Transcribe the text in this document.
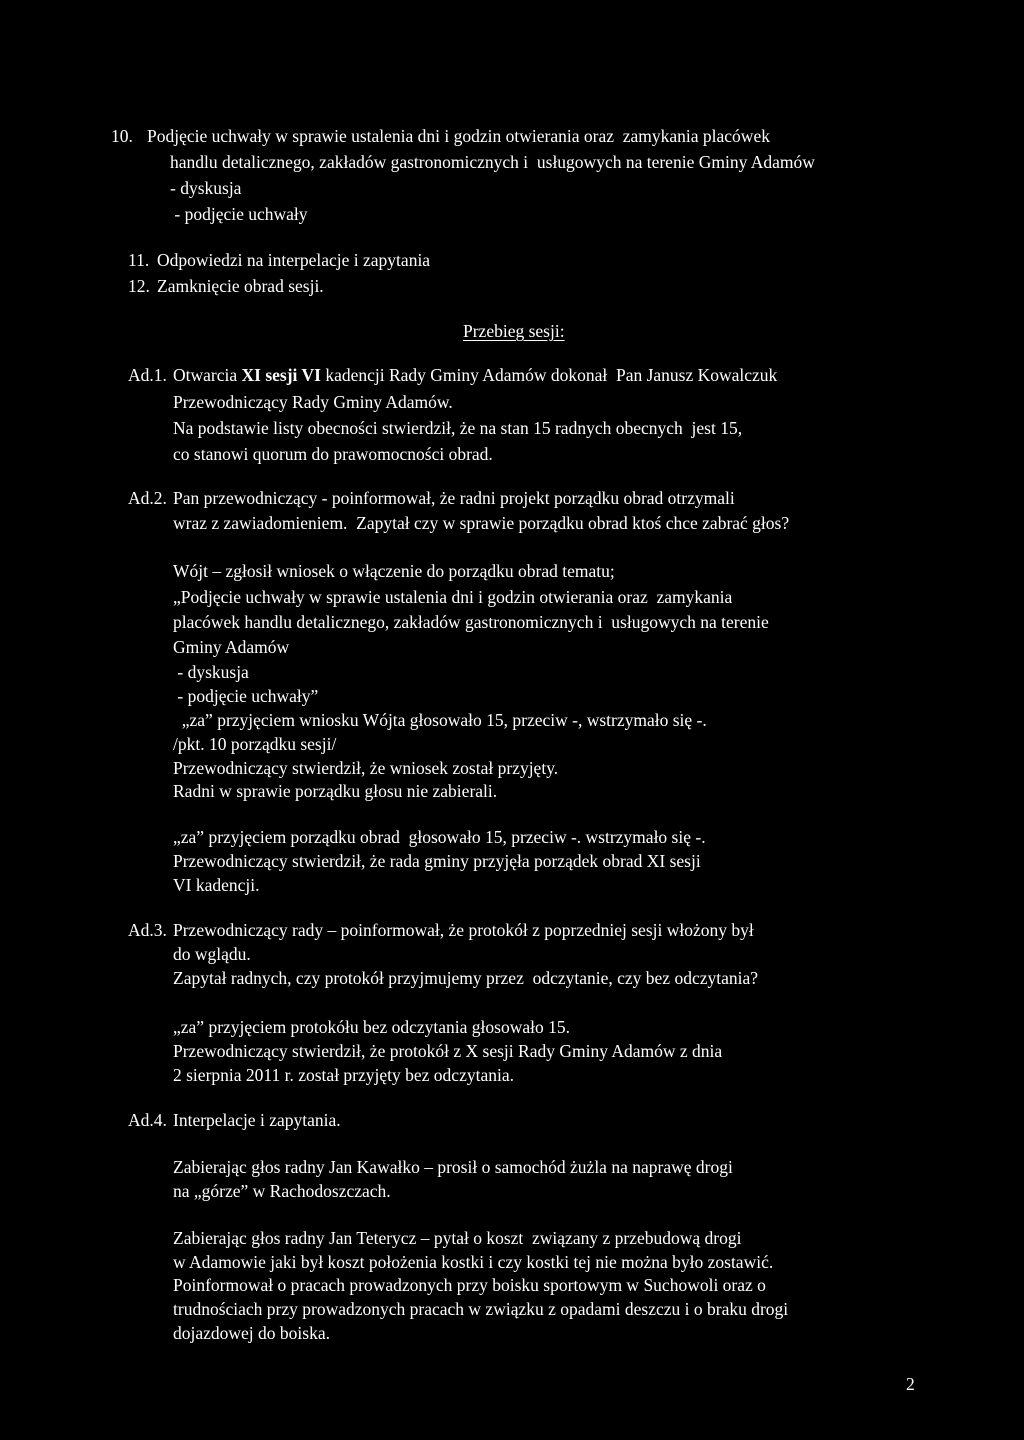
10. Podjęcie uchwały w sprawie ustalenia dni i godzin otwierania oraz  zamykania placówek
handlu detalicznego, zakładów gastronomicznych i  usługowych na terenie Gminy Adamów
- dyskusja
- podjęcie uchwały
11. Odpowiedzi na interpelacje i zapytania
12. Zamknięcie obrad sesji.
Przebieg sesji:
Ad.1. Otwarcia XI sesji VI kadencji Rady Gminy Adamów dokonał  Pan Janusz Kowalczuk
Przewodniczący Rady Gminy Adamów.
Na podstawie listy obecności stwierdził, że na stan 15 radnych obecnych  jest 15,
co stanowi quorum do prawomocności obrad.
Ad.2. Pan przewodniczący - poinformował, że radni projekt porządku obrad otrzymali
wraz z zawiadomieniem.  Zapytał czy w sprawie porządku obrad ktoś chce zabrać głos?
Wójt – zgłosił wniosek o włączenie do porządku obrad tematu;
„Podjęcie uchwały w sprawie ustalenia dni i godzin otwierania oraz  zamykania
placówek handlu detalicznego, zakładów gastronomicznych i  usługowych na terenie
Gminy Adamów
- dyskusja
- podjęcie uchwały”
„za” przyjęciem wniosku Wójta głosowało 15, przeciw -, wstrzymało się -.
/pkt. 10 porządku sesji/
Przewodniczący stwierdził, że wniosek został przyjęty.
Radni w sprawie porządku głosu nie zabierali.
„za” przyjęciem porządku obrad  głosowało 15, przeciw -. wstrzymało się -.
Przewodniczący stwierdził, że rada gminy przyjęła porządek obrad XI sesji
VI kadencji.
Ad.3. Przewodniczący rady – poinformował, że protokół z poprzedniej sesji włożony był
do wglądu.
Zapytał radnych, czy protokół przyjmujemy przez  odczytanie, czy bez odczytania?
„za” przyjęciem protokółu bez odczytania głosowało 15.
Przewodniczący stwierdził, że protokół z X sesji Rady Gminy Adamów z dnia
2 sierpnia 2011 r. został przyjęty bez odczytania.
Ad.4. Interpelacje i zapytania.
Zabierając głos radny Jan Kawałko – prosił o samochód żużla na naprawę drogi
na „górze” w Rachodoszczach.
Zabierając głos radny Jan Teterycz – pytał o koszt  związany z przebudową drogi
w Adamowie jaki był koszt położenia kostki i czy kostki tej nie można było zostawić.
Poinformował o pracach prowadzonych przy boisku sportowym w Suchowoli oraz o
trudnościach przy prowadzonych pracach w związku z opadami deszczu i o braku drogi
dojazdowej do boiska.
2
